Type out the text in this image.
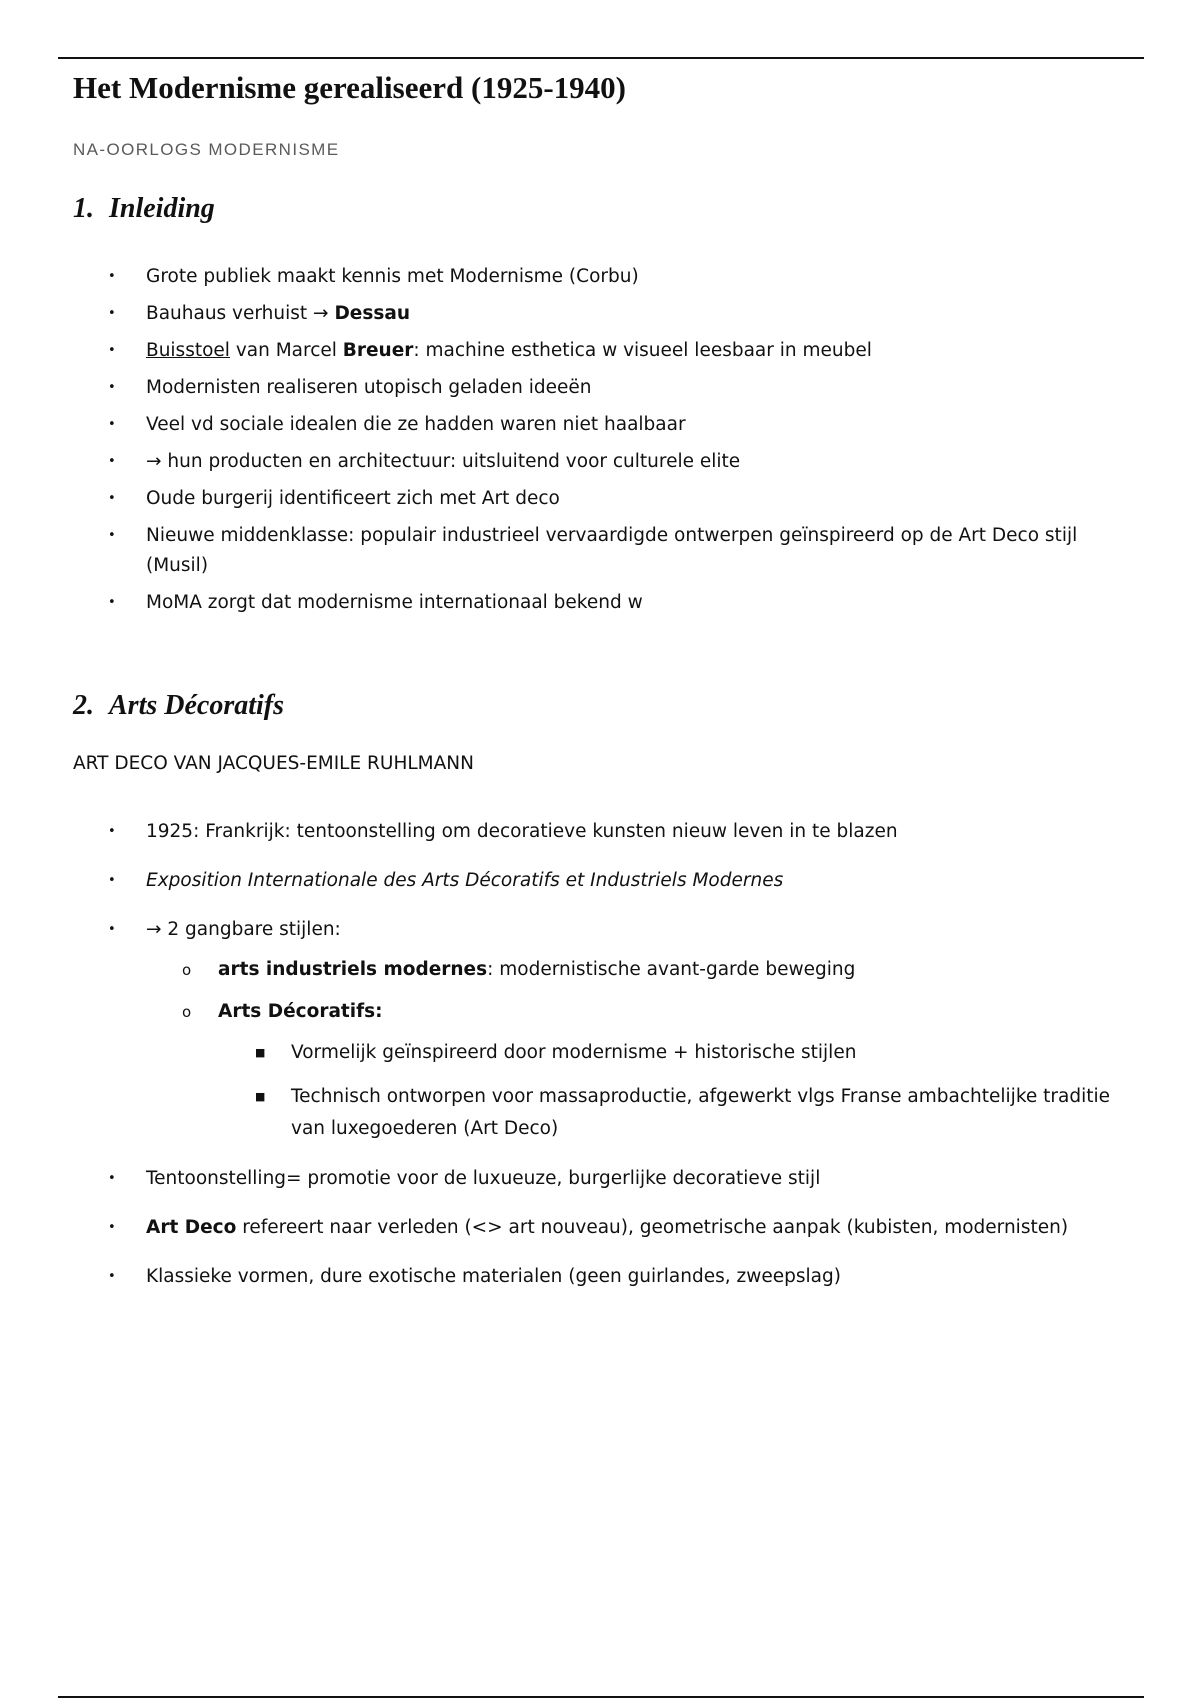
Het Modernisme gerealiseerd (1925-1940)
NA-OORLOGS MODERNISME
1. Inleiding
• Grote publiek maakt kennis met Modernisme (Corbu)
• Bauhaus verhuist → Dessau
• Buisstoel van Marcel Breuer: machine esthetica w visueel leesbaar in meubel
• Modernisten realiseren utopisch geladen ideeën
• Veel vd sociale idealen die ze hadden waren niet haalbaar
• → hun producten en architectuur: uitsluitend voor culturele elite
• Oude burgerij identificeert zich met Art deco
• Nieuwe middenklasse: populair industrieel vervaardigde ontwerpen geïnspireerd op de Art Deco stijl (Musil)
• MoMA zorgt dat modernisme internationaal bekend w
2. Arts Décoratifs
ART DECO VAN JACQUES-EMILE RUHLMANN
• 1925: Frankrijk: tentoonstelling om decoratieve kunsten nieuw leven in te blazen
• Exposition Internationale des Arts Décoratifs et Industriels Modernes
• → 2 gangbare stijlen:
o arts industriels modernes: modernistische avant-garde beweging
o Arts Décoratifs:
■ Vormelijk geïnspireerd door modernisme + historische stijlen
■ Technisch ontworpen voor massaproductie, afgewerkt vlgs Franse ambachtelijke traditie van luxegoederen (Art Deco)
• Tentoonstelling= promotie voor de luxueuze, burgerlijke decoratieve stijl
• Art Deco refereert naar verleden (<> art nouveau), geometrische aanpak (kubisten, modernisten)
• Klassieke vormen, dure exotische materialen (geen guirlandes, zweepslag)
